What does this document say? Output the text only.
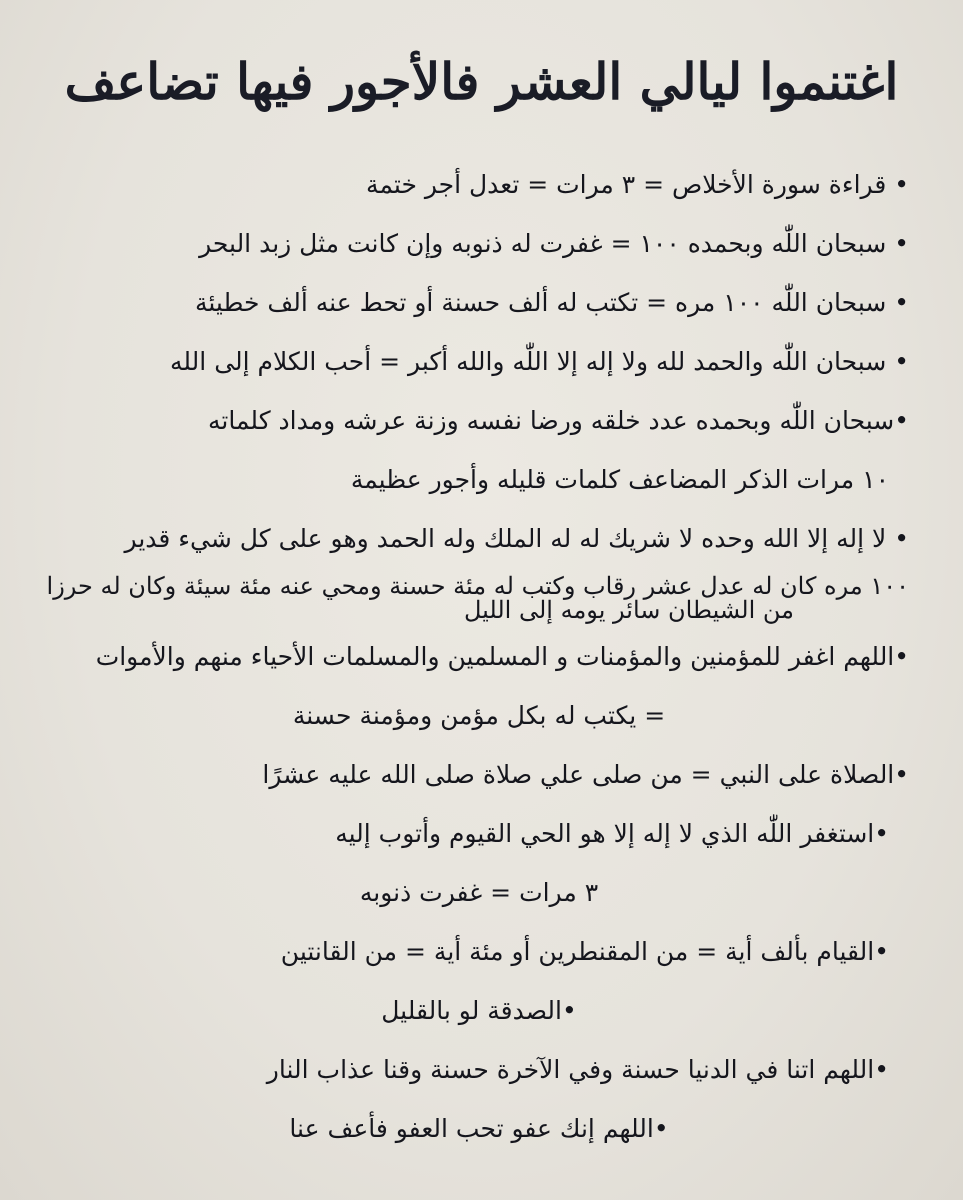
اغتنموا ليالي العشر فالأجور فيها تضاعف
• قراءة سورة الأخلاص = ٣ مرات = تعدل أجر ختمة
• سبحان اللّٰه وبحمده ١٠٠ = غفرت له ذنوبه وإن كانت مثل زبد البحر
• سبحان اللّٰه ١٠٠ مره = تكتب له ألف حسنة أو تحط عنه ألف خطيئة
• سبحان اللّٰه والحمد لله ولا إله إلا اللّٰه والله أكبر = أحب الكلام إلى الله
•سبحان اللّٰه وبحمده عدد خلقه ورضا نفسه وزنة عرشه ومداد كلماته
١٠ مرات الذكر المضاعف كلمات قليله وأجور عظيمة
• لا إله إلا الله وحده لا شريك له له الملك وله الحمد وهو على كل شيء قدير
١٠٠ مره كان له عدل عشر رقاب وكتب له مئة حسنة ومحي عنه مئة سيئة وكان له حرزا
من الشيطان سائر يومه إلى الليل
•اللهم اغفر للمؤمنين والمؤمنات و المسلمين والمسلمات الأحياء منهم والأموات
= يكتب له بكل مؤمن ومؤمنة حسنة
•الصلاة على النبي = من صلى علي صلاة صلى الله عليه عشرًا
•استغفر اللّٰه الذي لا إله إلا هو الحي القيوم وأتوب إليه
٣ مرات = غفرت ذنوبه
•القيام بألف أية = من المقنطرين أو مئة أية = من القانتين
•الصدقة لو بالقليل
•اللهم اتنا في الدنيا حسنة وفي الآخرة حسنة وقنا عذاب النار
•اللهم إنك عفو تحب العفو فأعف عنا
